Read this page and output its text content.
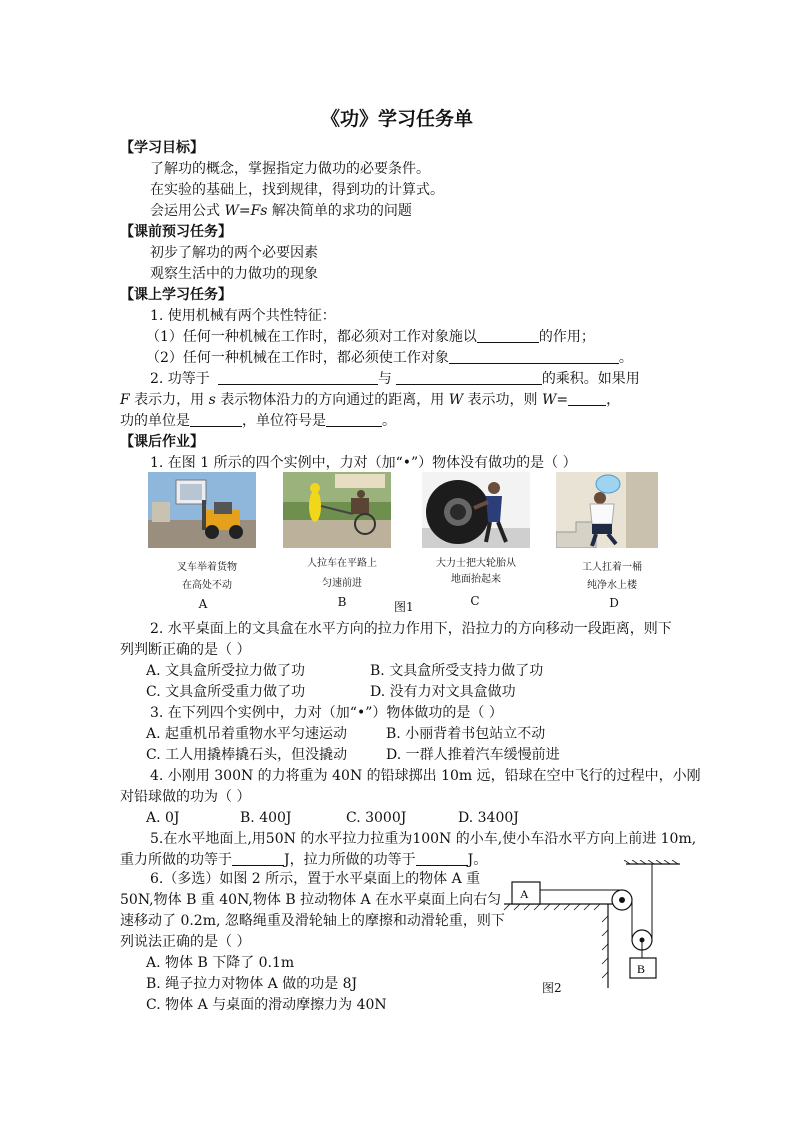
《功》学习任务单
【学习目标】
了解功的概念，掌握指定力做功的必要条件。
在实验的基础上，找到规律，得到功的计算式。
会运用公式 W=Fs 解决简单的求功的问题
【课前预习任务】
初步了解功的两个必要因素
观察生活中的力做功的现象
【课上学习任务】
1. 使用机械有两个共性特征：
（1）任何一种机械在工作时，都必须对工作对象施以	的作用；
（2）任何一种机械在工作时，都必须使工作对象	。
2. 功等于	与	的乘积。如果用
F 表示力，用 s 表示物体沿力的方向通过的距离，用 W 表示功，则 W=	，
功的单位是	，单位符号是	。
【课后作业】
1. 在图 1 所示的四个实例中，力对（加“•”）物体没有做功的是（ ）
叉车举着货物
在高处不动
A
人拉车在平路上
匀速前进
B	图1
大力士把大轮胎从
地面抬起来
C
工人扛着一桶
纯净水上楼
D
2. 水平桌面上的文具盒在水平方向的拉力作用下，沿拉力的方向移动一段距离，则下
列判断正确的是（ ）
A. 文具盒所受拉力做了功	B. 文具盒所受支持力做了功
C. 文具盒所受重力做了功	D. 没有力对文具盒做功
3. 在下列四个实例中，力对（加“•”）物体做功的是（ ）
A. 起重机吊着重物水平匀速运动	B. 小丽背着书包站立不动
C. 工人用撬棒撬石头，但没撬动	D. 一群人推着汽车缓慢前进
4. 小刚用 300N 的力将重为 40N 的铅球掷出 10m 远，铅球在空中飞行的过程中，小刚
对铅球做的功为（ ）
A. 0J	B. 400J	C. 3000J	D. 3400J
5.在水平地面上,用50N 的水平拉力拉重为100N 的小车,使小车沿水平方向上前进 10m,
重力所做的功等于	J，拉力所做的功等于	J。
6.（多选）如图 2 所示，置于水平桌面上的物体 A 重
50N,物体 B 重 40N,物体 B 拉动物体 A 在水平桌面上向右匀
速移动了 0.2m, 忽略绳重及滑轮轴上的摩擦和动滑轮重，则下
列说法正确的是（ ）
A. 物体 B 下降了 0.1m
B. 绳子拉力对物体 A 做的功是 8J
C. 物体 A 与桌面的滑动摩擦力为 40N
A
B
图2
